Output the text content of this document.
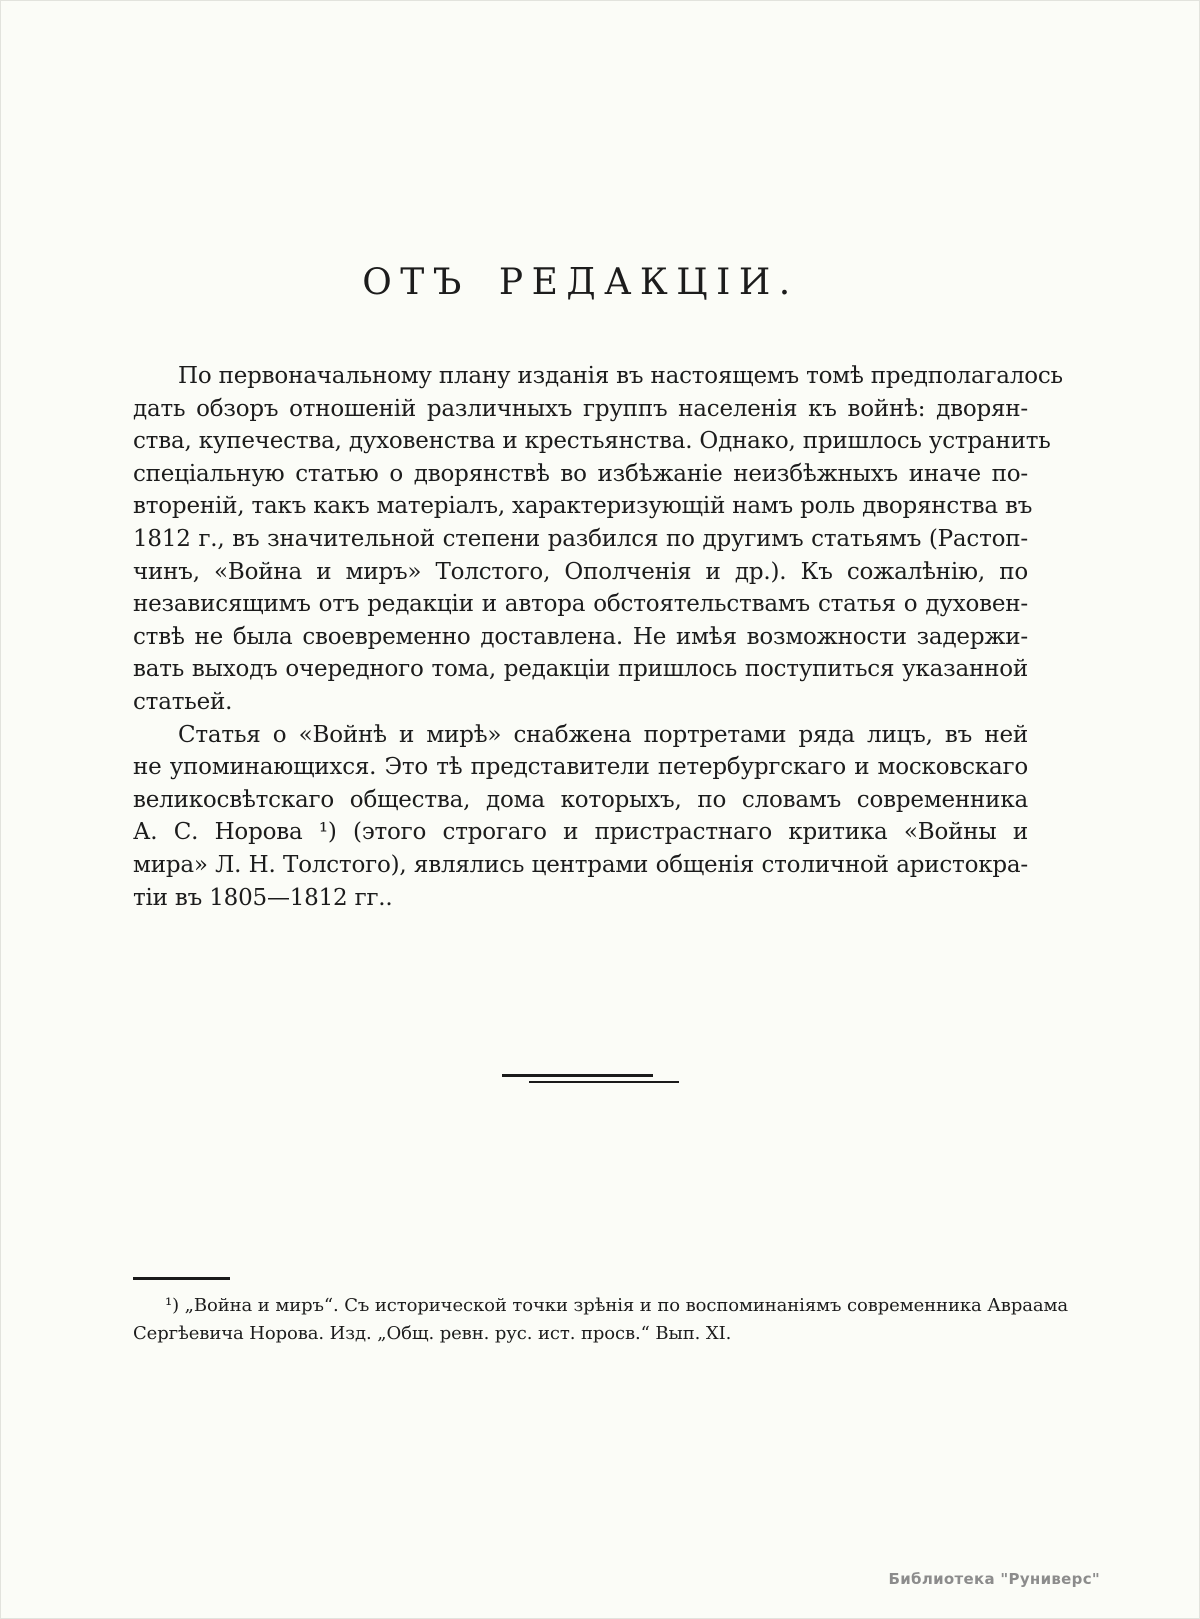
ОТЪ РЕДАКЦІИ.
По первоначальному плану изданія въ настоящемъ томѣ предполагалось
дать обзоръ отношеній различныхъ группъ населенія къ войнѣ: дворян-
ства, купечества, духовенства и крестьянства. Однако, пришлось устранить
спеціальную статью о дворянствѣ во избѣжаніе неизбѣжныхъ иначе по-
втореній, такъ какъ матеріалъ, характеризующій намъ роль дворянства въ
1812 г., въ значительной степени разбился по другимъ статьямъ (Растоп-
чинъ, «Война и миръ» Толстого, Ополченія и др.). Къ сожалѣнію, по
независящимъ отъ редакціи и автора обстоятельствамъ статья о духовен-
ствѣ не была своевременно доставлена. Не имѣя возможности задержи-
вать выходъ очередного тома, редакціи пришлось поступиться указанной
статьей.
Статья о «Войнѣ и мирѣ» снабжена портретами ряда лицъ, въ ней
не упоминающихся. Это тѣ представители петербургскаго и московскаго
великосвѣтскаго общества, дома которыхъ, по словамъ современника
А. С. Норова ¹) (этого строгаго и пристрастнаго критика «Войны и
мира» Л. Н. Толстого), являлись центрами общенія столичной аристокра-
тіи въ 1805—1812 гг..
¹) „Война и миръ“. Съ исторической точки зрѣнія и по воспоминаніямъ современника Авраама
Сергѣевича Норова. Изд. „Общ. ревн. рус. ист. просв.“ Вып. XI.
Библиотека "Руниверс"
